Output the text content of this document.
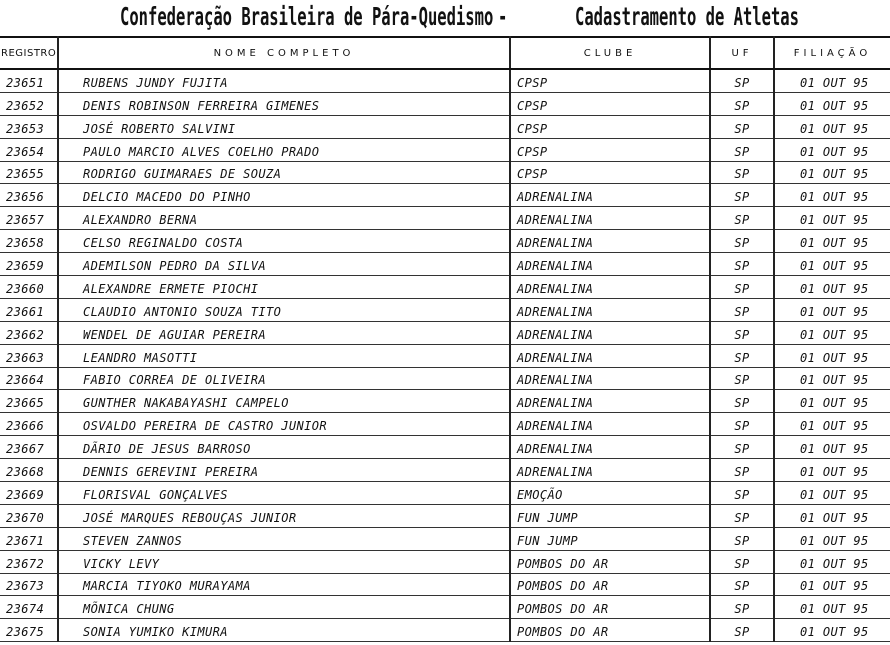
Confederação Brasileira de Pára-Quedismo -	Cadastramento de Atletas
REGISTRO	NOME COMPLETO	CLUBE	UF	FILIAÇÃO
23651	RUBENS JUNDY FUJITA	CPSP	SP	01 OUT 95
23652	DENIS ROBINSON FERREIRA GIMENES	CPSP	SP	01 OUT 95
23653	JOSÉ ROBERTO SALVINI	CPSP	SP	01 OUT 95
23654	PAULO MARCIO ALVES COELHO PRADO	CPSP	SP	01 OUT 95
23655	RODRIGO GUIMARAES DE SOUZA	CPSP	SP	01 OUT 95
23656	DELCIO MACEDO DO PINHO	ADRENALINA	SP	01 OUT 95
23657	ALEXANDRO BERNA	ADRENALINA	SP	01 OUT 95
23658	CELSO REGINALDO COSTA	ADRENALINA	SP	01 OUT 95
23659	ADEMILSON PEDRO DA SILVA	ADRENALINA	SP	01 OUT 95
23660	ALEXANDRE ERMETE PIOCHI	ADRENALINA	SP	01 OUT 95
23661	CLAUDIO ANTONIO SOUZA TITO	ADRENALINA	SP	01 OUT 95
23662	WENDEL DE AGUIAR PEREIRA	ADRENALINA	SP	01 OUT 95
23663	LEANDRO MASOTTI	ADRENALINA	SP	01 OUT 95
23664	FABIO CORREA DE OLIVEIRA	ADRENALINA	SP	01 OUT 95
23665	GUNTHER NAKABAYASHI CAMPELO	ADRENALINA	SP	01 OUT 95
23666	OSVALDO PEREIRA DE CASTRO JUNIOR	ADRENALINA	SP	01 OUT 95
23667	DÃRIO DE JESUS BARROSO	ADRENALINA	SP	01 OUT 95
23668	DENNIS GEREVINI PEREIRA	ADRENALINA	SP	01 OUT 95
23669	FLORISVAL GONÇALVES	EMOÇÃO	SP	01 OUT 95
23670	JOSÉ MARQUES REBOUÇAS JUNIOR	FUN JUMP	SP	01 OUT 95
23671	STEVEN ZANNOS	FUN JUMP	SP	01 OUT 95
23672	VICKY LEVY	POMBOS DO AR	SP	01 OUT 95
23673	MARCIA TIYOKO MURAYAMA	POMBOS DO AR	SP	01 OUT 95
23674	MÕNICA CHUNG	POMBOS DO AR	SP	01 OUT 95
23675	SONIA YUMIKO KIMURA	POMBOS DO AR	SP	01 OUT 95
